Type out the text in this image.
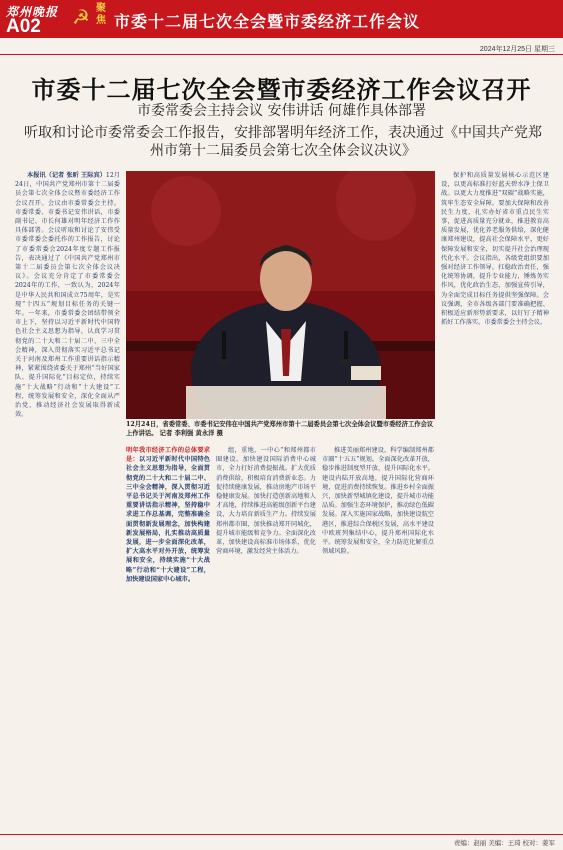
郑州晚报
A02 ☭ 聚焦 市委十二届七次全会暨市委经济工作会议
2024年12月25日 星期三
市委十二届七次全会暨市委经济工作会议召开
市委常委会主持会议 安伟讲话 何雄作具体部署
听取和讨论市委常委会工作报告，安排部署明年经济工作，表决通过《中国共产党郑州市第十二届委员会第七次全体会议决议》

本报讯（记者 张昕 王际宾）12月24日，中国共产党郑州市第十二届委员会第七次全体会议暨市委经济工作会议召开。会议由市委常委会主持。市委常委、市委书记安伟讲话，市委副书记、市长何雄对明年经济工作作具体部署。会议听取和讨论了安伟受市委常委会委托作的工作报告，讨论了市委常委会2024年度专题工作报告，表决通过了《中国共产党郑州市第十二届委员会第七次全体会议决议》。会议充分肯定了市委常委会2024年的工作，一致认为，2024年是中华人民共和国成立75周年，是实现“十四五”规划目标任务的关键一年。一年来，市委常委会团结带领全市上下，坚持以习近平新时代中国特色社会主义思想为指导，认真学习贯彻党的二十大和二十届二中、三中全会精神，深入贯彻落实习近平总书记关于河南及郑州工作重要讲话指示精神，紧紧围绕省委关于郑州“当好国家队、提升国际化”目标定位，持续实施“十大战略”行动和“十大建设”工程，统筹发展和安全，深化全面从严治党，推动经济社会发展取得新成效。

12月24日，省委常委、市委书记安伟在中国共产党郑州市第十二届委员会第七次全体会议暨市委经济工作会议上作讲话。 记者 李利强 黄永洋 摄
明年我市经济工作的总体要求是：以习近平新时代中国特色社会主义思想为指导，全面贯彻党的二十大和二十届二中、三中全会精神，深入贯彻习近平总书记关于河南及郑州工作重要讲话指示精神，坚持稳中求进工作总基调，完整准确全面贯彻新发展理念，加快构建新发展格局，扎实推动高质量发展，进一步全面深化改革，扩大高水平对外开放，统筹发展和安全，持续实施“十大战略”行动和“十大建设”工程，加快建设国家中心城市。

组，重地，一中心“和郑州都市圈建设。加快建设国际消费中心城市，全力打好消费提振战。扩大优质消费供给，积极培育消费新业态。力促持续健康发展，推动房地产市场平稳健康发展。加快打造创新高地和人才高地，持续推进高能级创新平台建设，大力培育新质生产力。持续发展郑州都市圈，加快推动郑开同城化，提升城市能级和竞争力。全面深化改革，加快建设高标准市场体系，优化营商环境，激发经营主体活力。

推进美丽郑州建设，科学编制郑州都市圈“十五五”规划。全面深化改革开放，稳步推进制度型开放，提升国际化水平。建设内陆开放高地，提升国际化营商环境，促进消费持续恢复。推进乡村全面振兴，加快新型城镇化建设，提升城市功能品质。加强生态环境保护，推动绿色低碳发展。深入实施国家战略，加快建设航空港区，推进综合保税区发展，高水平建设中欧班列集结中心，提升郑州国际化水平。统筹发展和安全，全力防范化解重点领域风险。

保护和高质量发展核心示范区建设，以更高标准打好蓝天碧水净土保卫战。以更大力度推进“双碳”战略实施，筑牢生态安全屏障。要加大保障和改善民生力度，扎实办好省市重点民生实事，促进高质量充分就业，推进教育高质量发展，优化养老服务供给，深化健康郑州建设，提高社会保障水平，更好保障发展和安全，切实提升社会治理现代化水平。会议指出，各级党组织要加强对经济工作领导，扛稳政治责任，强化统筹协调，提升专业能力，锤炼务实作风，优化政治生态，加强宣传引导，为全面完成目标任务提供坚强保障。会议强调，全市各级各部门要准确把握、积极适应新形势新要求，以钉钉子精神抓好工作落实。市委常委会主持会议。

责编：赵丽 美编：王琦 校对：姜军
